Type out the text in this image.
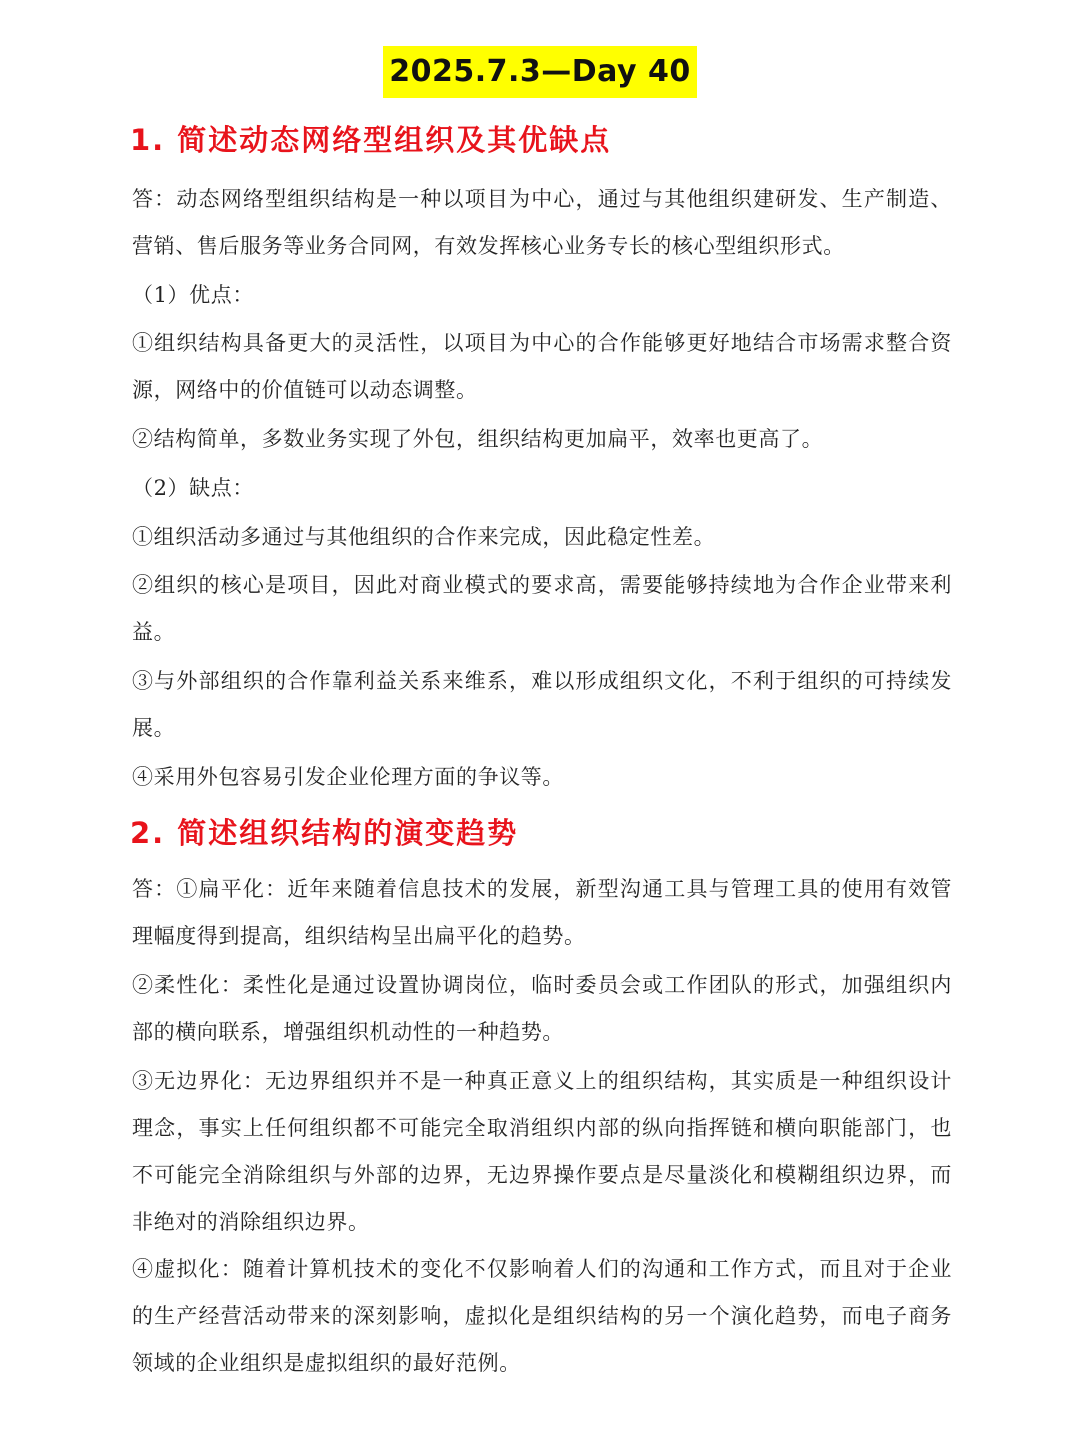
2025.7.3—Day 40
1. 简述动态网络型组织及其优缺点

答：动态网络型组织结构是一种以项目为中心，通过与其他组织建研发、生产制造、营销、售后服务等业务合同网，有效发挥核心业务专长的核心型组织形式。

（1）优点：

①组织结构具备更大的灵活性，以项目为中心的合作能够更好地结合市场需求整合资源，网络中的价值链可以动态调整。

②结构简单，多数业务实现了外包，组织结构更加扁平，效率也更高了。

（2）缺点：

①组织活动多通过与其他组织的合作来完成，因此稳定性差。

②组织的核心是项目，因此对商业模式的要求高，需要能够持续地为合作企业带来利益。

③与外部组织的合作靠利益关系来维系，难以形成组织文化，不利于组织的可持续发展。

④采用外包容易引发企业伦理方面的争议等。

2. 简述组织结构的演变趋势

答：①扁平化：近年来随着信息技术的发展，新型沟通工具与管理工具的使用有效管理幅度得到提高，组织结构呈出扁平化的趋势。

②柔性化：柔性化是通过设置协调岗位，临时委员会或工作团队的形式，加强组织内部的横向联系，增强组织机动性的一种趋势。

③无边界化：无边界组织并不是一种真正意义上的组织结构，其实质是一种组织设计理念，事实上任何组织都不可能完全取消组织内部的纵向指挥链和横向职能部门，也不可能完全消除组织与外部的边界，无边界操作要点是尽量淡化和模糊组织边界，而非绝对的消除组织边界。

④虚拟化：随着计算机技术的变化不仅影响着人们的沟通和工作方式，而且对于企业的生产经营活动带来的深刻影响，虚拟化是组织结构的另一个演化趋势，而电子商务领域的企业组织是虚拟组织的最好范例。
